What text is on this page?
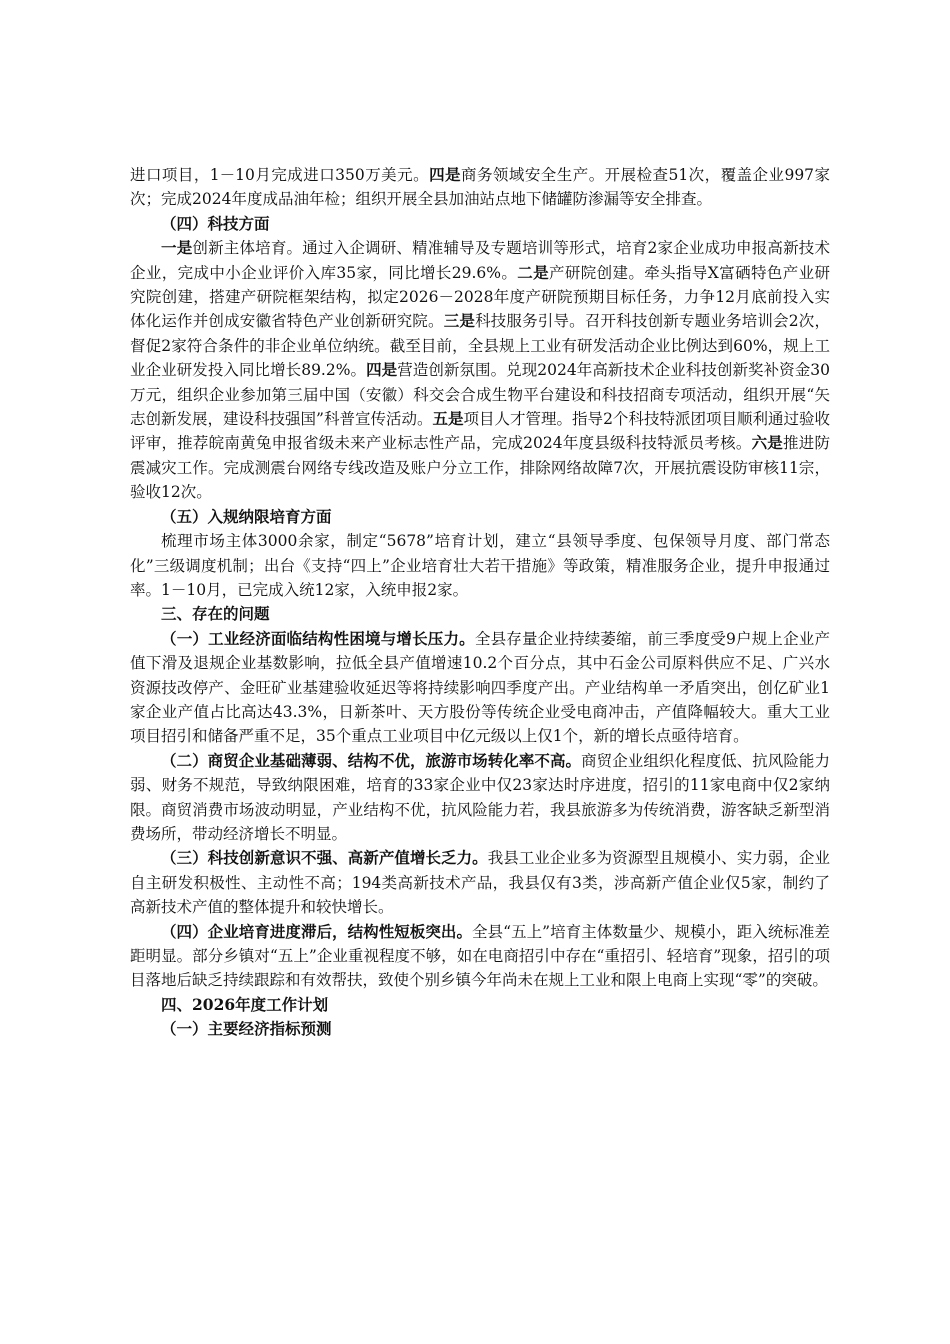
进口项目，1－10月完成进口350万美元。四是商务领域安全生产。开展检查51次，覆盖企业997家次；完成2024年度成品油年检；组织开展全县加油站点地下储罐防渗漏等安全排查。

（四）科技方面

一是创新主体培育。通过入企调研、精准辅导及专题培训等形式，培育2家企业成功申报高新技术企业，完成中小企业评价入库35家，同比增长29.6%。二是产研院创建。牵头指导X富硒特色产业研究院创建，搭建产研院框架结构，拟定2026－2028年度产研院预期目标任务，力争12月底前投入实体化运作并创成安徽省特色产业创新研究院。三是科技服务引导。召开科技创新专题业务培训会2次，督促2家符合条件的非企业单位纳统。截至目前，全县规上工业有研发活动企业比例达到60%，规上工业企业研发投入同比增长89.2%。四是营造创新氛围。兑现2024年高新技术企业科技创新奖补资金30万元，组织企业参加第三届中国（安徽）科交会合成生物平台建设和科技招商专项活动，组织开展“矢志创新发展，建设科技强国”科普宣传活动。五是项目人才管理。指导2个科技特派团项目顺利通过验收评审，推荐皖南黄兔申报省级未来产业标志性产品，完成2024年度县级科技特派员考核。六是推进防震减灾工作。完成测震台网络专线改造及账户分立工作，排除网络故障7次，开展抗震设防审核11宗，验收12次。

（五）入规纳限培育方面

梳理市场主体3000余家，制定“5678”培育计划，建立“县领导季度、包保领导月度、部门常态化”三级调度机制；出台《支持“四上”企业培育壮大若干措施》等政策，精准服务企业，提升申报通过率。1－10月，已完成入统12家，入统申报2家。

三、存在的问题

（一）工业经济面临结构性困境与增长压力。全县存量企业持续萎缩，前三季度受9户规上企业产值下滑及退规企业基数影响，拉低全县产值增速10.2个百分点，其中石金公司原料供应不足、广兴水资源技改停产、金旺矿业基建验收延迟等将持续影响四季度产出。产业结构单一矛盾突出，创亿矿业1家企业产值占比高达43.3%，日新茶叶、天方股份等传统企业受电商冲击，产值降幅较大。重大工业项目招引和储备严重不足，35个重点工业项目中亿元级以上仅1个，新的增长点亟待培育。

（二）商贸企业基础薄弱、结构不优，旅游市场转化率不高。商贸企业组织化程度低、抗风险能力弱、财务不规范，导致纳限困难，培育的33家企业中仅23家达时序进度，招引的11家电商中仅2家纳限。商贸消费市场波动明显，产业结构不优，抗风险能力若，我县旅游多为传统消费，游客缺乏新型消费场所，带动经济增长不明显。

（三）科技创新意识不强、高新产值增长乏力。我县工业企业多为资源型且规模小、实力弱，企业自主研发积极性、主动性不高；194类高新技术产品，我县仅有3类，涉高新产值企业仅5家，制约了高新技术产值的整体提升和较快增长。

（四）企业培育进度滞后，结构性短板突出。全县“五上”培育主体数量少、规模小，距入统标准差距明显。部分乡镇对“五上”企业重视程度不够，如在电商招引中存在“重招引、轻培育”现象，招引的项目落地后缺乏持续跟踪和有效帮扶，致使个别乡镇今年尚未在规上工业和限上电商上实现“零”的突破。

四、2026年度工作计划

（一）主要经济指标预测
